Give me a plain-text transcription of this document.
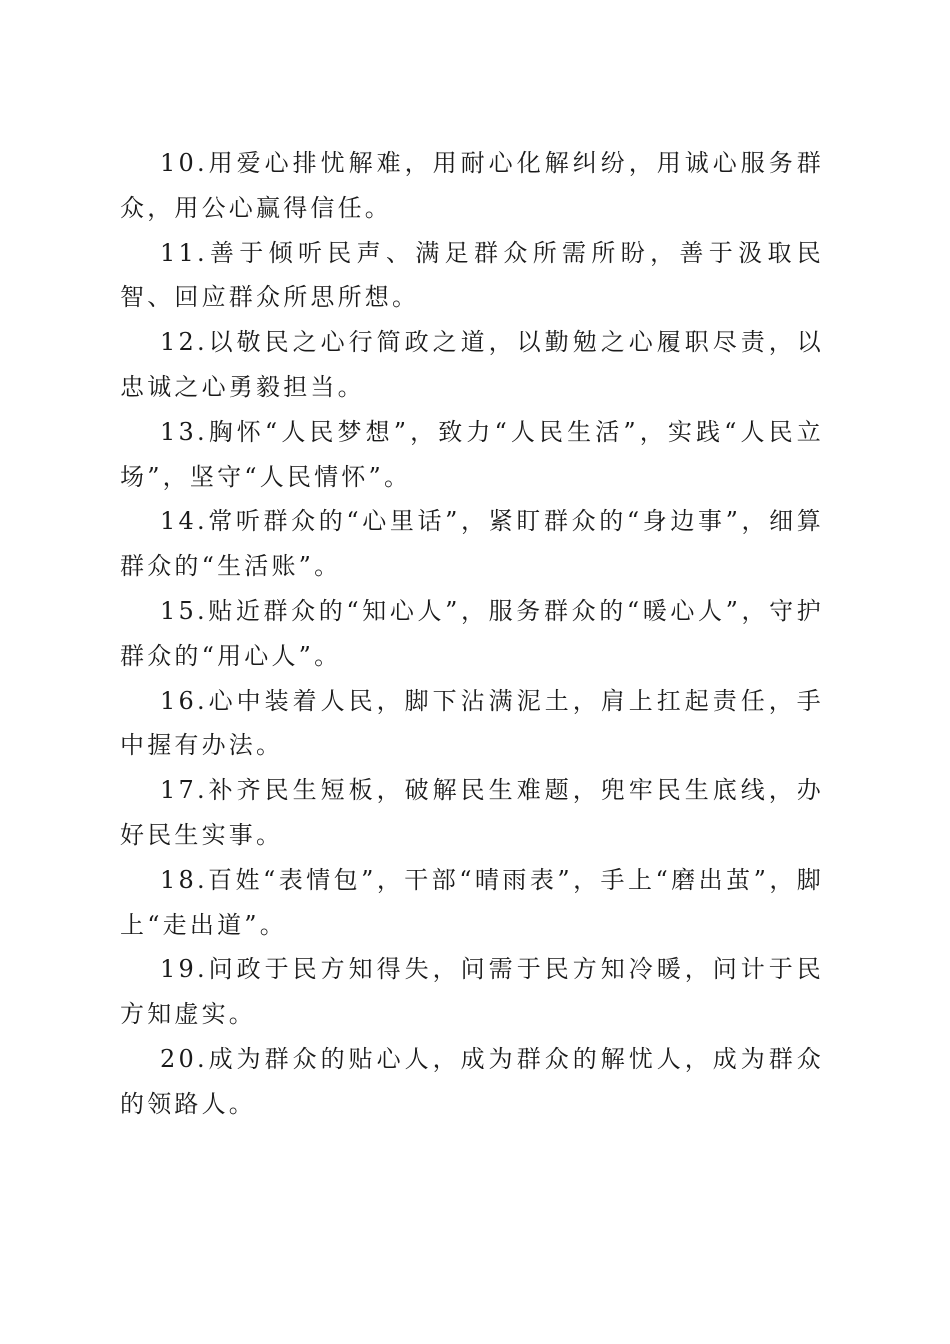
10.用爱心排忧解难，用耐心化解纠纷，用诚心服务群众，用公心赢得信任。

11.善于倾听民声、满足群众所需所盼，善于汲取民智、回应群众所思所想。

12.以敬民之心行简政之道，以勤勉之心履职尽责，以忠诚之心勇毅担当。

13.胸怀“人民梦想”，致力“人民生活”，实践“人民立场”，坚守“人民情怀”。

14.常听群众的“心里话”，紧盯群众的“身边事”，细算群众的“生活账”。

15.贴近群众的“知心人”，服务群众的“暖心人”，守护群众的“用心人”。

16.心中装着人民，脚下沾满泥土，肩上扛起责任，手中握有办法。

17.补齐民生短板，破解民生难题，兜牢民生底线，办好民生实事。

18.百姓“表情包”，干部“晴雨表”，手上“磨出茧”，脚上“走出道”。

19.问政于民方知得失，问需于民方知冷暖，问计于民方知虚实。

20.成为群众的贴心人，成为群众的解忧人，成为群众的领路人。
